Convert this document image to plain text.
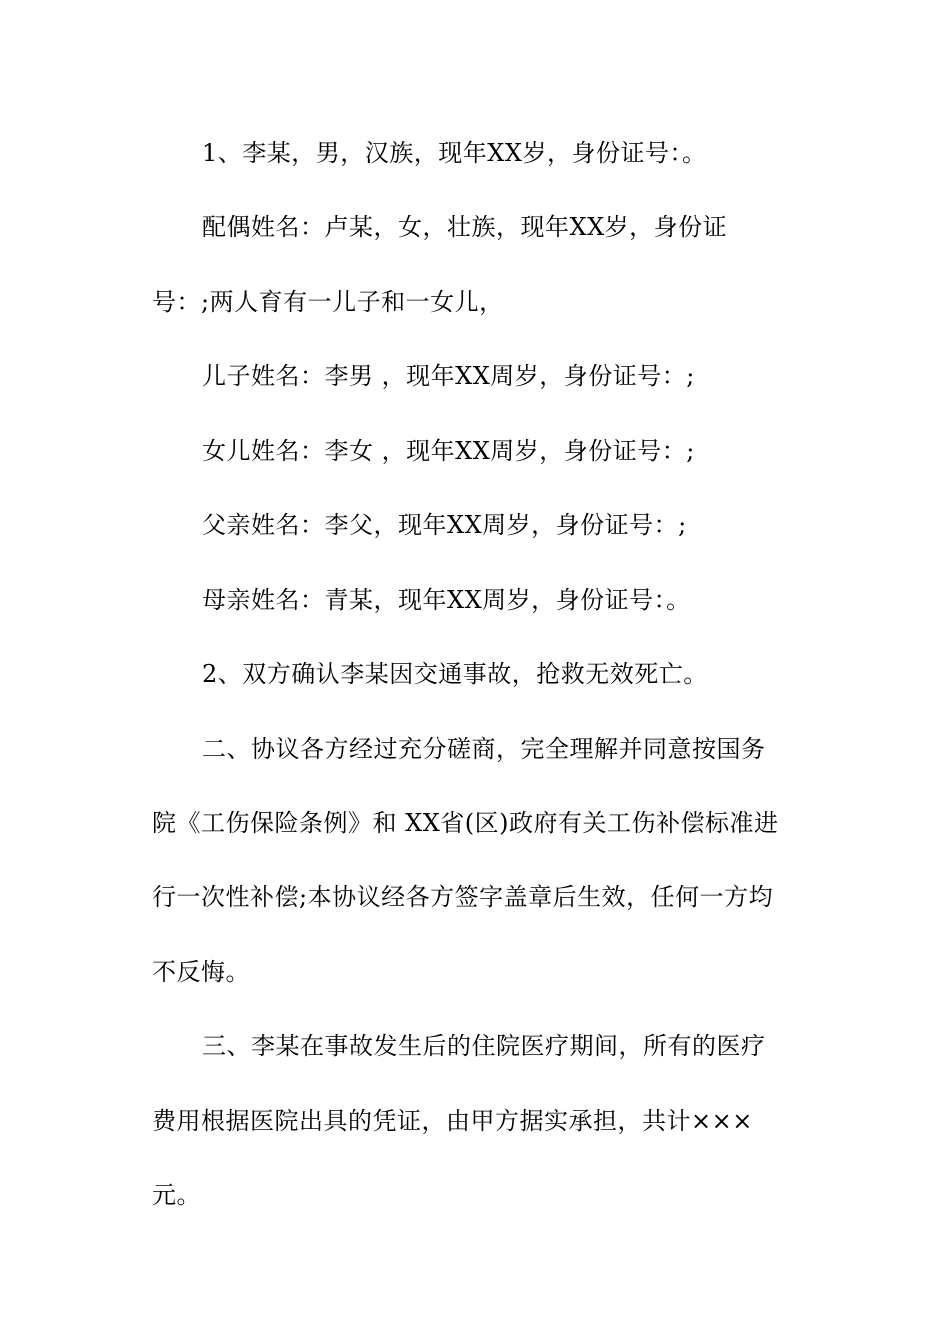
1、李某，男，汉族，现年XX岁，身份证号：。
配偶姓名：卢某，女，壮族，现年XX岁，身份证
号：;两人育有一儿子和一女儿，
儿子姓名：李男 ，现年XX周岁，身份证号：;
女儿姓名：李女 ，现年XX周岁，身份证号：;
父亲姓名：李父，现年XX周岁，身份证号：;
母亲姓名：青某，现年XX周岁，身份证号：。
2、双方确认李某因交通事故，抢救无效死亡。
二、协议各方经过充分磋商，完全理解并同意按国务
院《工伤保险条例》和 XX省(区)政府有关工伤补偿标准进
行一次性补偿;本协议经各方签字盖章后生效，任何一方均
不反悔。
三、李某在事故发生后的住院医疗期间，所有的医疗
费用根据医院出具的凭证，由甲方据实承担，共计×××
元。
